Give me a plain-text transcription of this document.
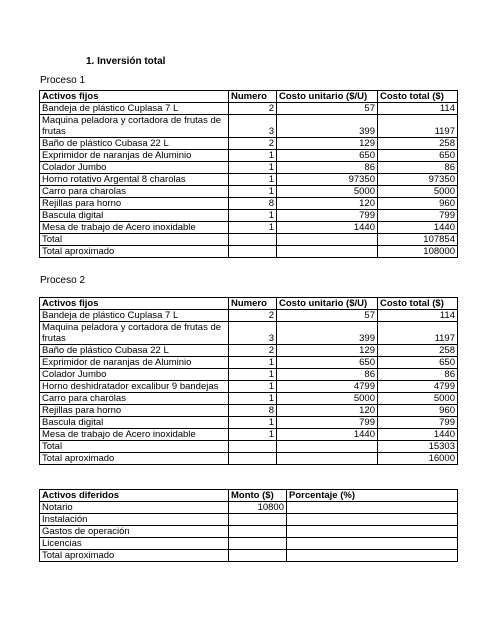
1. Inversión total
Proceso 1
Activos fijos	Numero	Costo unitario ($/U)	Costo total ($)
Bandeja de plástico Cuplasa 7 L	2	57	114
Maquina peladora y cortadora de frutas de frutas	3	399	1197
Baño de plástico Cubasa 22 L	2	129	258
Exprimidor de naranjas de Aluminio	1	650	650
Colador Jumbo	1	86	86
Horno rotativo Argental 8 charolas	1	97350	97350
Carro para charolas	1	5000	5000
Rejillas para horno	8	120	960
Bascula digital	1	799	799
Mesa de trabajo de Acero inoxidable	1	1440	1440
Total			107854
Total aproximado			108000
Proceso 2
Activos fijos	Numero	Costo unitario ($/U)	Costo total ($)
Bandeja de plástico Cuplasa 7 L	2	57	114
Maquina peladora y cortadora de frutas de frutas	3	399	1197
Baño de plástico Cubasa 22 L	2	129	258
Exprimidor de naranjas de Aluminio	1	650	650
Colador Jumbo	1	86	86
Horno deshidratador excalibur 9 bandejas	1	4799	4799
Carro para charolas	1	5000	5000
Rejillas para horno	8	120	960
Bascula digital	1	799	799
Mesa de trabajo de Acero inoxidable	1	1440	1440
Total			15303
Total aproximado			16000
Activos diferidos	Monto ($)	Porcentaje (%)
Notario	10800	
Instalación		
Gastos de operación		
Licencias		
Total aproximado		
